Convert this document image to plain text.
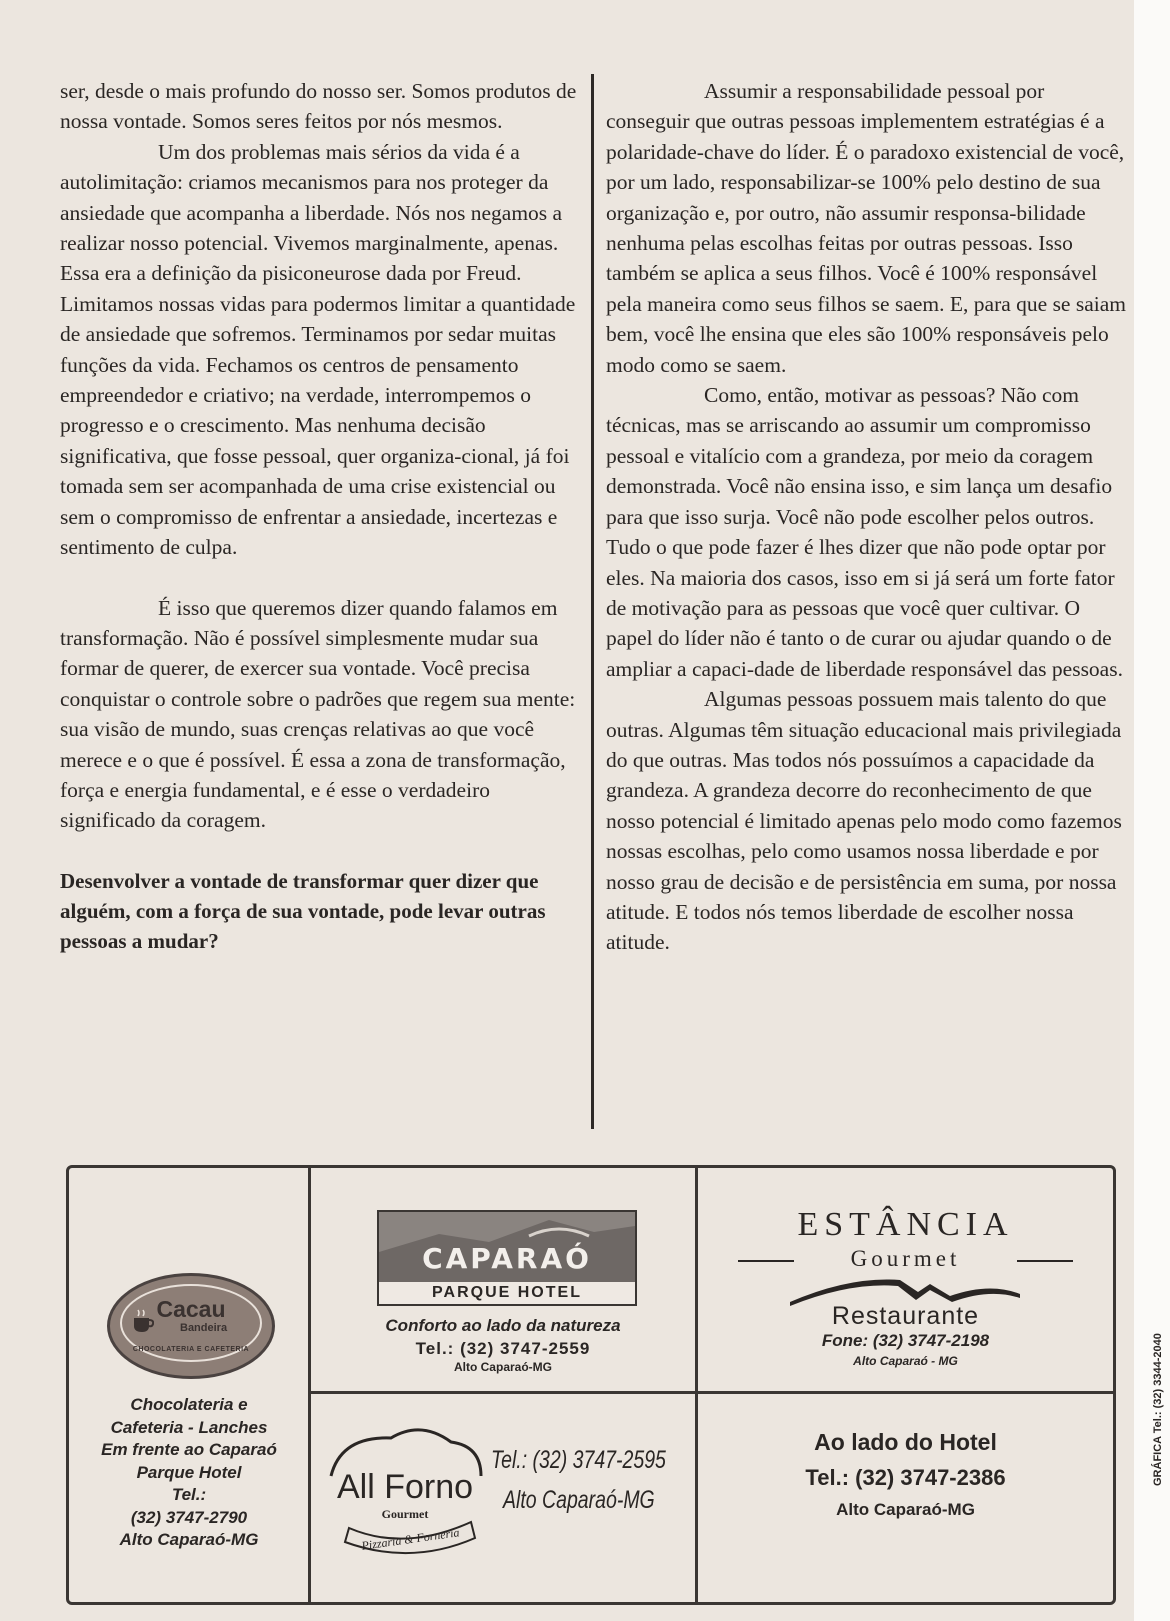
ser, desde o mais profundo do nosso ser. Somos produtos de nossa vontade. Somos seres feitos por nós mesmos.

Um dos problemas mais sérios da vida é a autolimitação: criamos mecanismos para nos proteger da ansiedade que acompanha a liberdade. Nós nos negamos a realizar nosso potencial. Vivemos marginalmente, apenas. Essa era a definição da pisiconeurose dada por Freud. Limitamos nossas vidas para podermos limitar a quantidade de ansiedade que sofremos. Terminamos por sedar muitas funções da vida. Fechamos os centros de pensamento empreendedor e criativo; na verdade, interrompemos o progresso e o crescimento. Mas nenhuma decisão significativa, que fosse pessoal, quer organiza-cional, já foi tomada sem ser acompanhada de uma crise existencial ou sem o compromisso de enfrentar a ansiedade, incertezas e sentimento de culpa.

É isso que queremos dizer quando falamos em transformação. Não é possível simplesmente mudar sua formar de querer, de exercer sua vontade. Você precisa conquistar o controle sobre o padrões que regem sua mente: sua visão de mundo, suas crenças relativas ao que você merece e o que é possível. É essa a zona de transformação, força e energia fundamental, e é esse o verdadeiro significado da coragem.

Desenvolver a vontade de transformar quer dizer que alguém, com a força de sua vontade, pode levar outras pessoas a mudar?

Assumir a responsabilidade pessoal por conseguir que outras pessoas implementem estratégias é a polaridade-chave do líder. É o paradoxo existencial de você, por um lado, responsabilizar-se 100% pelo destino de sua organização e, por outro, não assumir responsa-bilidade nenhuma pelas escolhas feitas por outras pessoas. Isso também se aplica a seus filhos. Você é 100% responsável pela maneira como seus filhos se saem. E, para que se saiam bem, você lhe ensina que eles são 100% responsáveis pelo modo como se saem.

Como, então, motivar as pessoas? Não com técnicas, mas se arriscando ao assumir um compromisso pessoal e vitalício com a grandeza, por meio da coragem demonstrada. Você não ensina isso, e sim lança um desafio para que isso surja. Você não pode escolher pelos outros. Tudo o que pode fazer é lhes dizer que não pode optar por eles. Na maioria dos casos, isso em si já será um forte fator de motivação para as pessoas que você quer cultivar. O papel do líder não é tanto o de curar ou ajudar quando o de ampliar a capaci-dade de liberdade responsável das pessoas.

Algumas pessoas possuem mais talento do que outras. Algumas têm situação educacional mais privilegiada do que outras. Mas todos nós possuímos a capacidade da grandeza. A grandeza decorre do reconhecimento de que nosso potencial é limitado apenas pelo modo como fazemos nossas escolhas, pelo como usamos nossa liberdade e por nosso grau de decisão e de persistência em suma, por nossa atitude. E todos nós temos liberdade de escolher nossa atitude.

Cacau
Bandeira
CHOCOLATERIA E CAFETERIA
Chocolateria e
Cafeteria - Lanches
Em frente ao Caparaó
Parque Hotel
Tel.:
(32) 3747-2790
Alto Caparaó-MG
CAPARAÓ
PARQUE HOTEL
Conforto ao lado da natureza
Tel.: (32) 3747-2559
Alto Caparaó-MG
ESTÂNCIA
Gourmet
Restaurante
Fone: (32) 3747-2198
Alto Caparaó - MG
All Forno
Gourmet
Pizzaria & Forneria
Tel.: (32) 3747-2595
Alto Caparaó-MG
Ao lado do Hotel
Tel.: (32) 3747-2386
Alto Caparaó-MG
GRÁFICA Tel.: (32) 3344-2040
